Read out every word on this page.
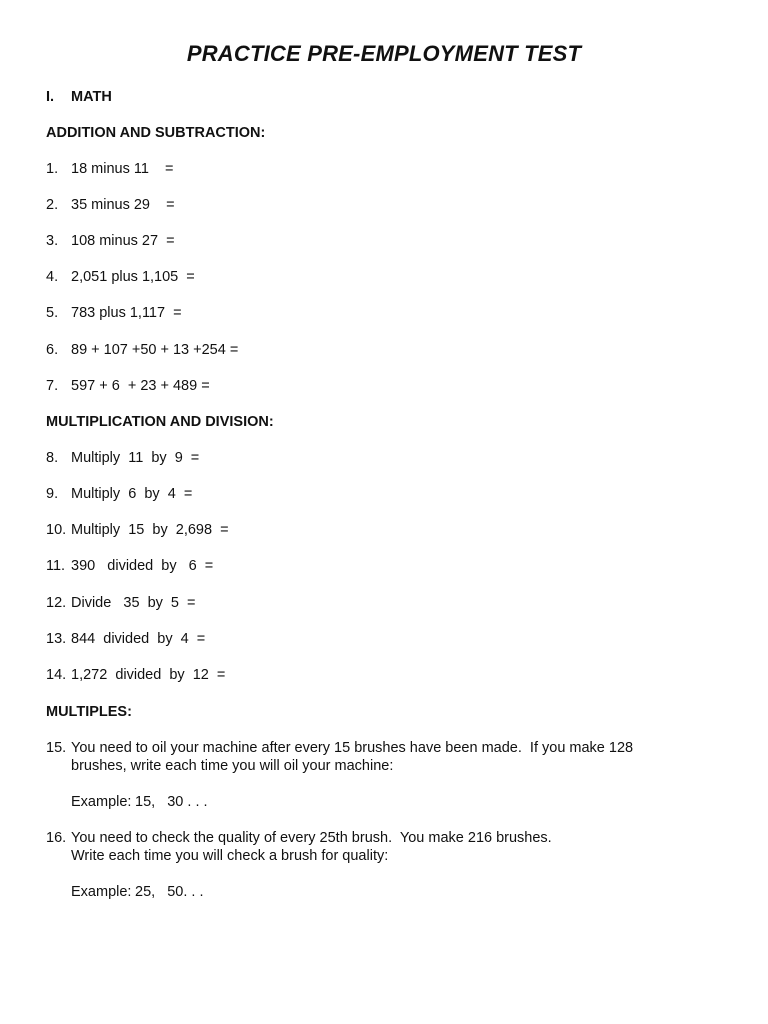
PRACTICE PRE-EMPLOYMENT TEST
I. MATH
ADDITION AND SUBTRACTION:
1. 18 minus 11    =
2. 35 minus 29    =
3. 108 minus 27  =
4. 2,051 plus 1,105  =
5. 783 plus 1,117  =
6. 89 + 107 +50 + 13 +254 =
7. 597 + 6  + 23 + 489 =
MULTIPLICATION AND DIVISION:
8. Multiply  11  by  9  =
9. Multiply  6  by  4  =
10. Multiply  15  by  2,698  =
11. 390   divided  by   6  =
12. Divide   35  by  5  =
13. 844  divided  by  4  =
14. 1,272  divided  by  12  =
MULTIPLES:
15. You need to oil your machine after every 15 brushes have been made.  If you make 128
brushes, write each time you will oil your machine:
Example: 15,   30 . . .
16. You need to check the quality of every 25th brush.  You make 216 brushes.
Write each time you will check a brush for quality:
Example: 25,   50. . .
